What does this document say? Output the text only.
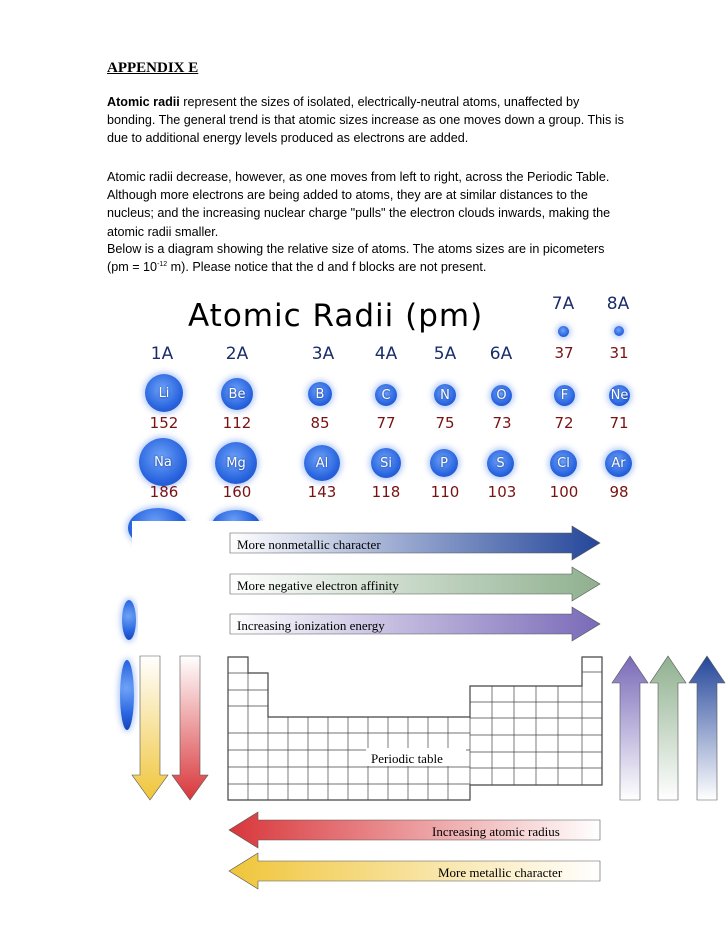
APPENDIX E
Atomic radii represent the sizes of isolated, electrically-neutral atoms, unaffected by bonding. The general trend is that atomic sizes increase as one moves down a group. This is due to additional energy levels produced as electrons are added.
Atomic radii decrease, however, as one moves from left to right, across the Periodic Table. Although more electrons are being added to atoms, they are at similar distances to the nucleus; and the increasing nuclear charge "pulls" the electron clouds inwards, making the atomic radii smaller.
Below is a diagram showing the relative size of atoms. The atoms sizes are in picometers ($pm = 10^{-12}$ m). Please notice that the d and f blocks are not present.
Atomic Radii (pm)
1A	2A	3A	4A	5A	6A
7A	8A
37	31
Li	Be	B	C	N	O	F	Ne
152	112	85	77	75	73	72	71
Na	Mg	Al	Si	P	S	Cl	Ar
186	160	143	118	110	103	100	98
More nonmetallic character
More negative electron affinity
Increasing ionization energy
Periodic table
Increasing atomic radius
More metallic character
